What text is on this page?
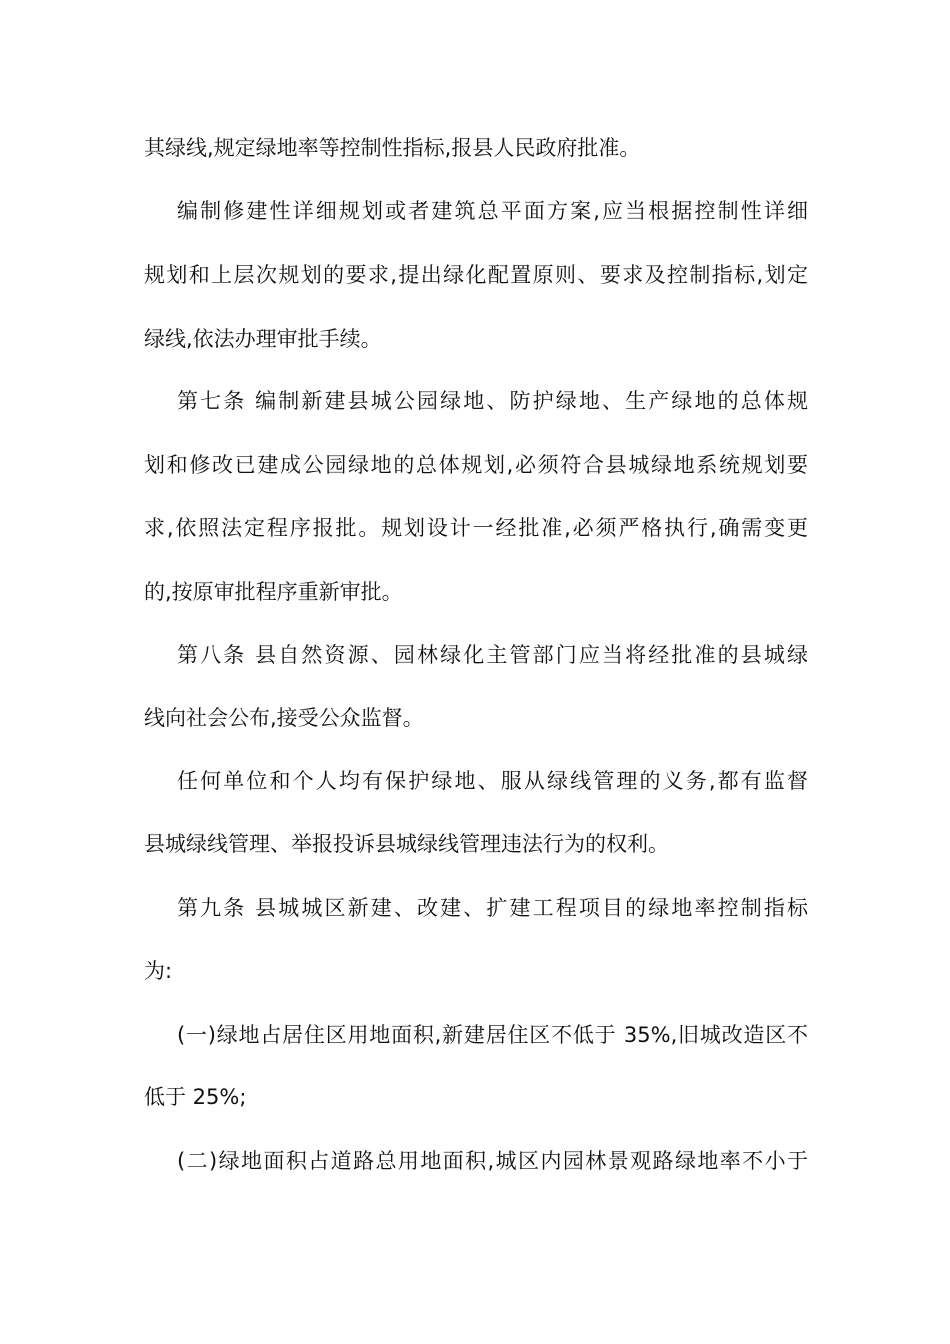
其绿线,规定绿地率等控制性指标,报县人民政府批准。
编制修建性详细规划或者建筑总平面方案,应当根据控制性详细
规划和上层次规划的要求,提出绿化配置原则、要求及控制指标,划定
绿线,依法办理审批手续。
第七条 编制新建县城公园绿地、防护绿地、生产绿地的总体规
划和修改已建成公园绿地的总体规划,必须符合县城绿地系统规划要
求,依照法定程序报批。规划设计一经批准,必须严格执行,确需变更
的,按原审批程序重新审批。
第八条 县自然资源、园林绿化主管部门应当将经批准的县城绿
线向社会公布,接受公众监督。
任何单位和个人均有保护绿地、服从绿线管理的义务,都有监督
县城绿线管理、举报投诉县城绿线管理违法行为的权利。
第九条 县城城区新建、改建、扩建工程项目的绿地率控制指标
为:
(一)绿地占居住区用地面积,新建居住区不低于 35%,旧城改造区不
低于 25%;
(二)绿地面积占道路总用地面积,城区内园林景观路绿地率不小于
